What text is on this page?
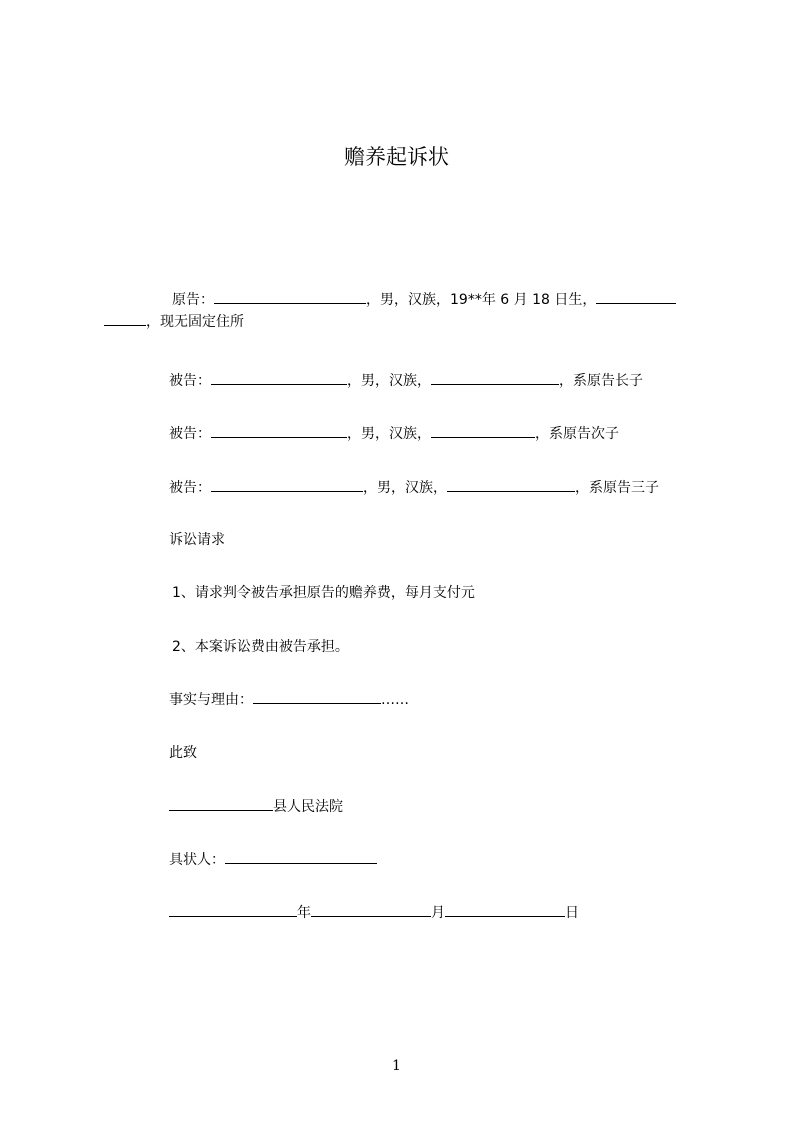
赡养起诉状
原告：	，男，汉族，19**年 6 月 18 日生，
，现无固定住所
被告：	，男，汉族，	，系原告长子
被告：	，男，汉族，	，系原告次子
被告：	，男，汉族，	，系原告三子
诉讼请求
1、请求判令被告承担原告的赡养费，每月支付元
2、本案诉讼费由被告承担。
事实与理由：	……
此致
县人民法院
具状人：
年	月	日
1
